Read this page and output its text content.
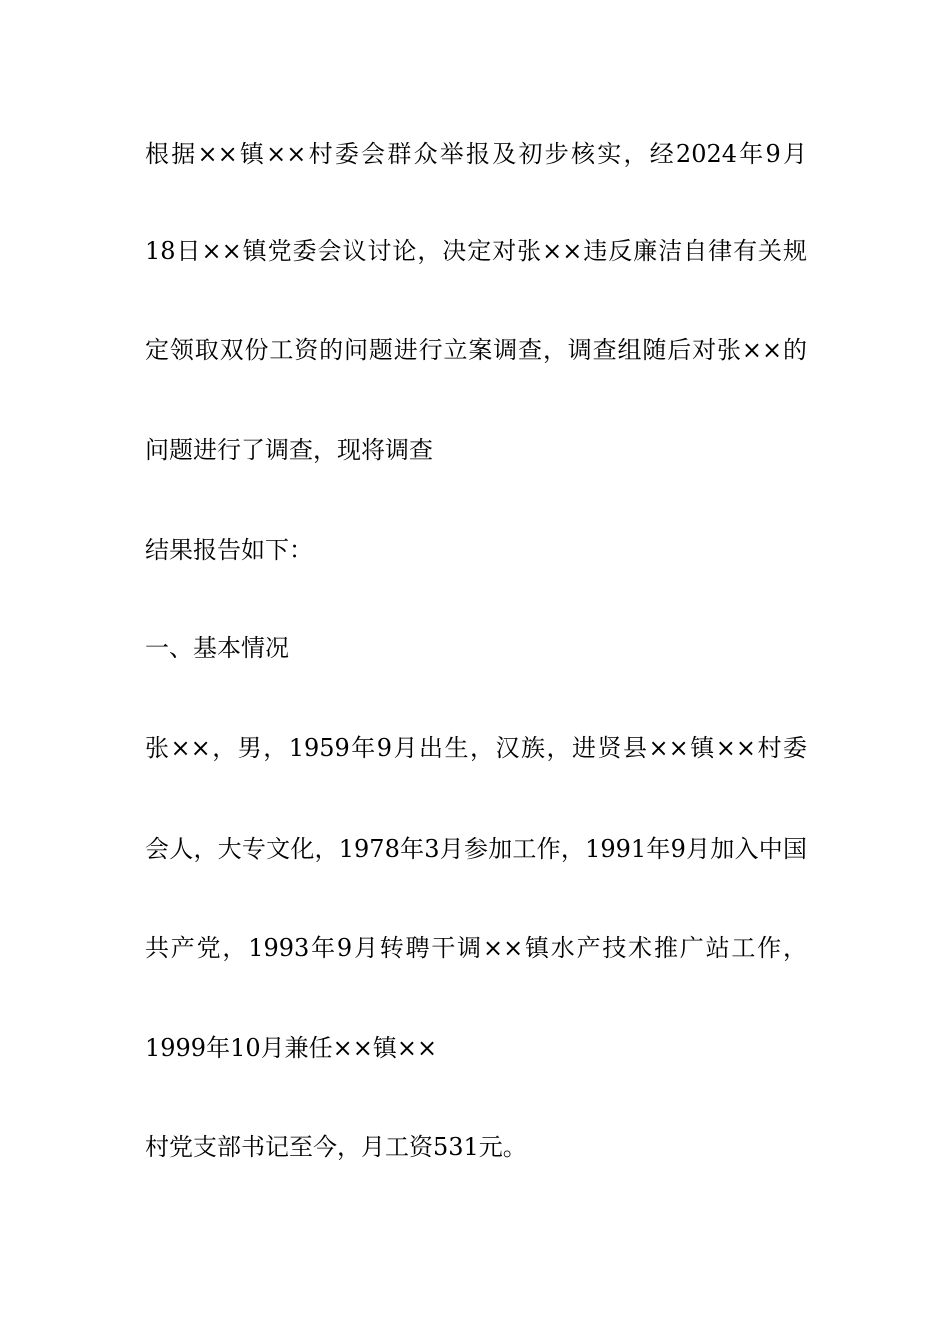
根据××镇××村委会群众举报及初步核实，经2024年9月
18日××镇党委会议讨论，决定对张××违反廉洁自律有关规
定领取双份工资的问题进行立案调查，调查组随后对张××的
问题进行了调查，现将调查
结果报告如下：
一、基本情况
张××，男，1959年9月出生，汉族，进贤县××镇××村委
会人，大专文化，1978年3月参加工作，1991年9月加入中国
共产党，1993年9月转聘干调××镇水产技术推广站工作，
1999年10月兼任××镇××
村党支部书记至今，月工资531元。
